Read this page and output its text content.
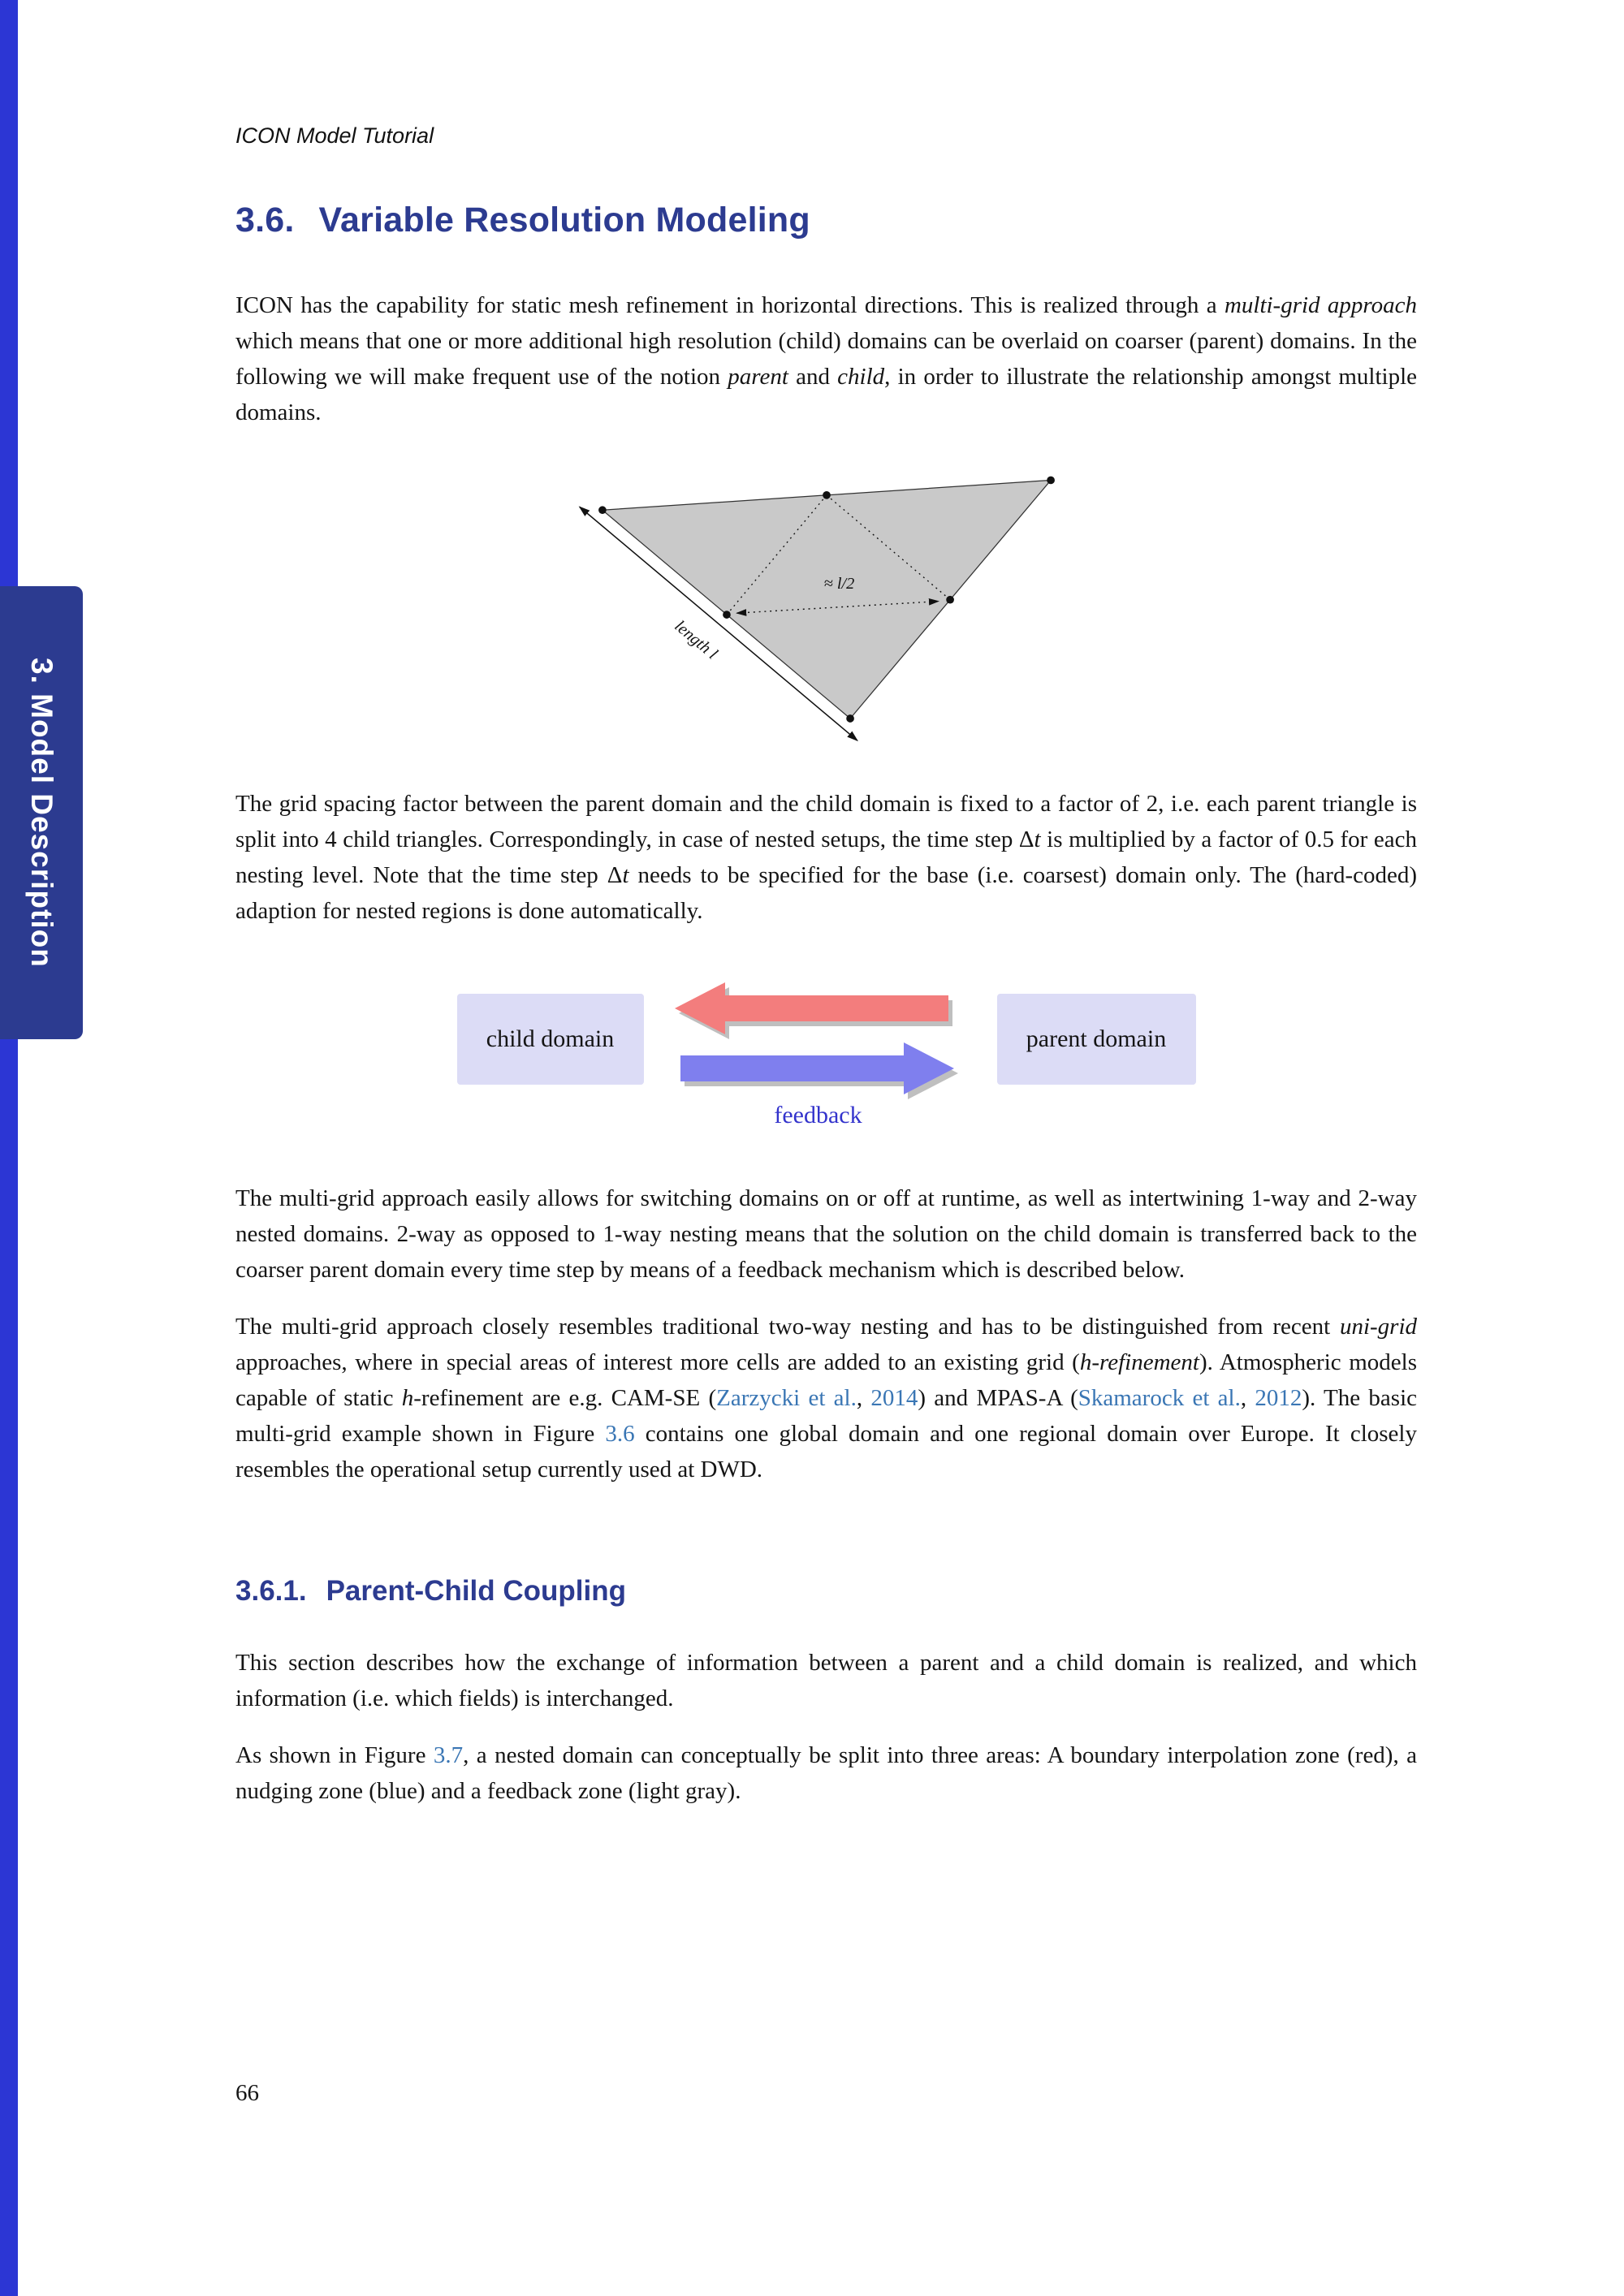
3. Model Description
ICON Model Tutorial
3.6. Variable Resolution Modeling

ICON has the capability for static mesh refinement in horizontal directions. This is realized through a multi-grid approach which means that one or more additional high resolution (child) domains can be overlaid on coarser (parent) domains. In the following we will make frequent use of the notion parent and child, in order to illustrate the relationship amongst multiple domains.

≈ l/2
length l

The grid spacing factor between the parent domain and the child domain is fixed to a factor of 2, i.e. each parent triangle is split into 4 child triangles. Correspondingly, in case of nested setups, the time step Δt is multiplied by a factor of 0.5 for each nesting level. Note that the time step Δt needs to be specified for the base (i.e. coarsest) domain only. The (hard-coded) adaption for nested regions is done automatically.

child domain	parent domain
feedback

The multi-grid approach easily allows for switching domains on or off at runtime, as well as intertwining 1-way and 2-way nested domains. 2-way as opposed to 1-way nesting means that the solution on the child domain is transferred back to the coarser parent domain every time step by means of a feedback mechanism which is described below.

The multi-grid approach closely resembles traditional two-way nesting and has to be distinguished from recent uni-grid approaches, where in special areas of interest more cells are added to an existing grid (h-refinement). Atmospheric models capable of static h-refinement are e.g. CAM-SE (Zarzycki et al., 2014) and MPAS-A (Skamarock et al., 2012). The basic multi-grid example shown in Figure 3.6 contains one global domain and one regional domain over Europe. It closely resembles the operational setup currently used at DWD.

3.6.1. Parent-Child Coupling

This section describes how the exchange of information between a parent and a child domain is realized, and which information (i.e. which fields) is interchanged.

As shown in Figure 3.7, a nested domain can conceptually be split into three areas: A boundary interpolation zone (red), a nudging zone (blue) and a feedback zone (light gray).

66
